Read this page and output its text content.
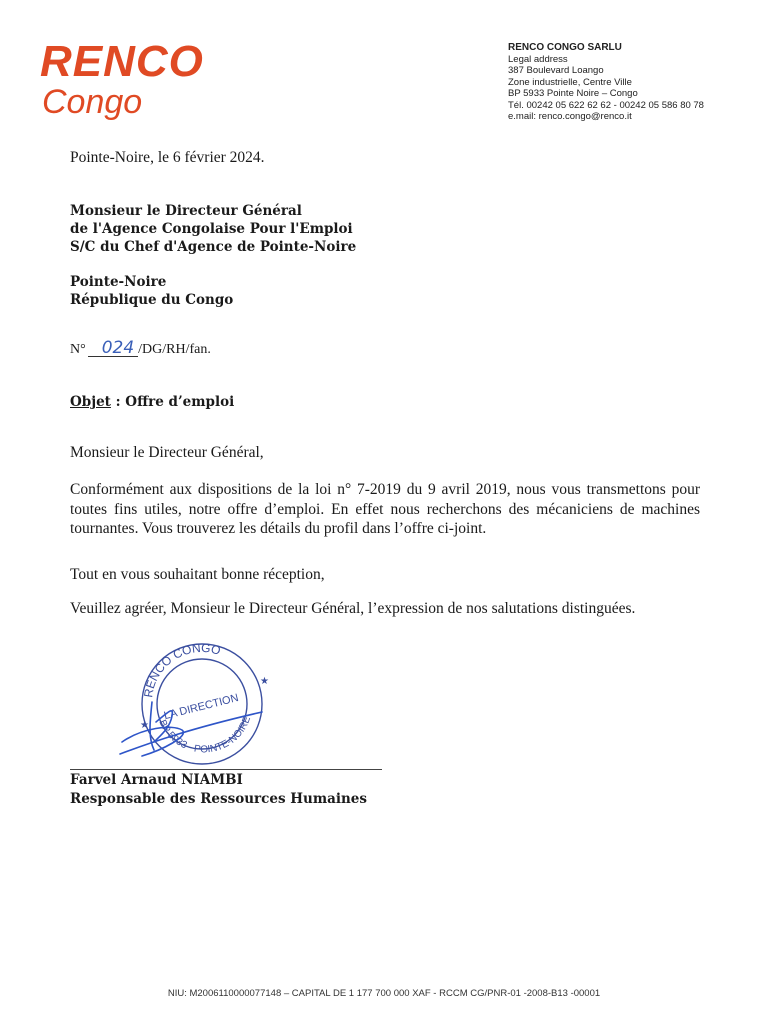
RENCO
Congo
RENCO CONGO SARLU
Legal address
387 Boulevard Loango
Zone industrielle, Centre Ville
BP 5933 Pointe Noire – Congo
Tél. 00242 05 622 62 62 - 00242 05 586 80 78
e.mail: renco.congo@renco.it
Pointe-Noire, le 6 février 2024.
Monsieur le Directeur Général
de l'Agence Congolaise Pour l'Emploi
S/C du Chef d'Agence de Pointe-Noire
Pointe-Noire
République du Congo
N° 024 /DG/RH/fan.
Objet : Offre d’emploi
Monsieur le Directeur Général,
Conformément aux dispositions de la loi n° 7-2019 du 9 avril 2019, nous vous transmettons pour toutes fins utiles, notre offre d’emploi. En effet nous recherchons des mécaniciens de machines tournantes. Vous trouverez les détails du profil dans l’offre ci-joint.
Tout en vous souhaitant bonne réception,
Veuillez agréer, Monsieur le Directeur Général, l’expression de nos salutations distinguées.
RENCO CONGO
LA DIRECTION
BP 5933 - POINTE-NOIRE
★
★
Farvel Arnaud NIAMBI
Responsable des Ressources Humaines
NIU: M2006110000077148 – CAPITAL DE 1 177 700 000 XAF - RCCM CG/PNR-01 -2008-B13 -00001
